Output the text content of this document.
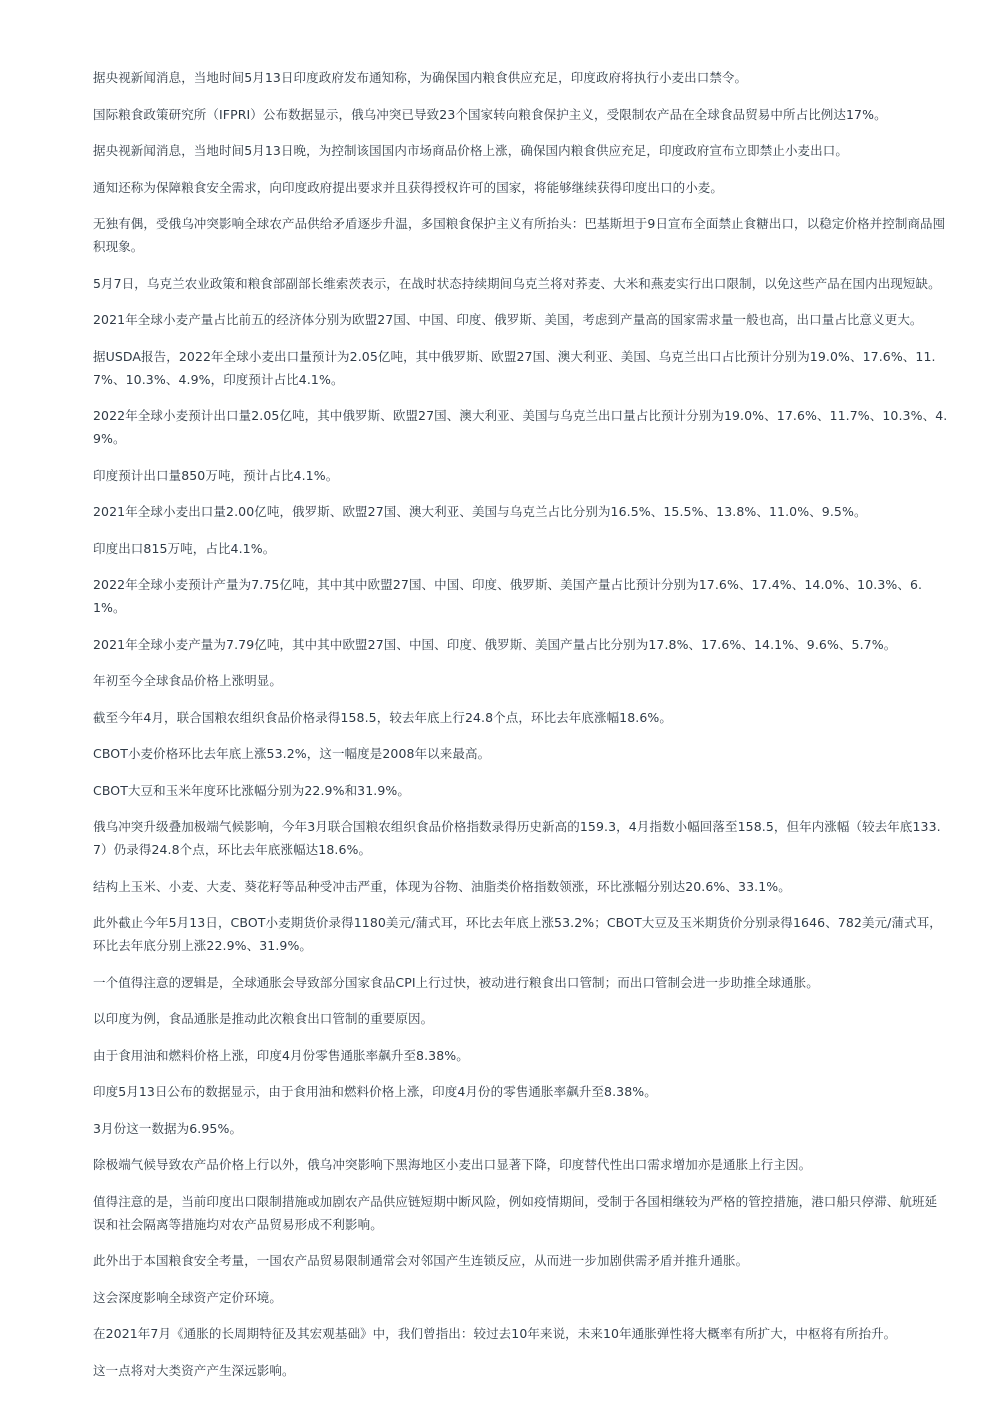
据央视新闻消息，当地时间5月13日印度政府发布通知称，为确保国内粮食供应充足，印度政府将执行小麦出口禁令。

国际粮食政策研究所（IFPRI）公布数据显示，俄乌冲突已导致23个国家转向粮食保护主义，受限制农产品在全球食品贸易中所占比例达17%。

据央视新闻消息，当地时间5月13日晚，为控制该国国内市场商品价格上涨，确保国内粮食供应充足，印度政府宣布立即禁止小麦出口。

通知还称为保障粮食安全需求，向印度政府提出要求并且获得授权许可的国家，将能够继续获得印度出口的小麦。

无独有偶，受俄乌冲突影响全球农产品供给矛盾逐步升温，多国粮食保护主义有所抬头：巴基斯坦于9日宣布全面禁止食糖出口，以稳定价格并控制商品囤积现象。

5月7日，乌克兰农业政策和粮食部副部长维索茨表示，在战时状态持续期间乌克兰将对荞麦、大米和燕麦实行出口限制，以免这些产品在国内出现短缺。

2021年全球小麦产量占比前五的经济体分别为欧盟27国、中国、印度、俄罗斯、美国，考虑到产量高的国家需求量一般也高，出口量占比意义更大。

据USDA报告，2022年全球小麦出口量预计为2.05亿吨，其中俄罗斯、欧盟27国、澳大利亚、美国、乌克兰出口占比预计分别为19.0%、17.6%、11.7%、10.3%、4.9%，印度预计占比4.1%。

2022年全球小麦预计出口量2.05亿吨，其中俄罗斯、欧盟27国、澳大利亚、美国与乌克兰出口量占比预计分别为19.0%、17.6%、11.7%、10.3%、4.9%。

印度预计出口量850万吨，预计占比4.1%。

2021年全球小麦出口量2.00亿吨，俄罗斯、欧盟27国、澳大利亚、美国与乌克兰占比分别为16.5%、15.5%、13.8%、11.0%、9.5%。

印度出口815万吨，占比4.1%。

2022年全球小麦预计产量为7.75亿吨，其中其中欧盟27国、中国、印度、俄罗斯、美国产量占比预计分别为17.6%、17.4%、14.0%、10.3%、6.1%。

2021年全球小麦产量为7.79亿吨，其中其中欧盟27国、中国、印度、俄罗斯、美国产量占比分别为17.8%、17.6%、14.1%、9.6%、5.7%。

年初至今全球食品价格上涨明显。

截至今年4月，联合国粮农组织食品价格录得158.5，较去年底上行24.8个点，环比去年底涨幅18.6%。

CBOT小麦价格环比去年底上涨53.2%，这一幅度是2008年以来最高。

CBOT大豆和玉米年度环比涨幅分别为22.9%和31.9%。

俄乌冲突升级叠加极端气候影响，今年3月联合国粮农组织食品价格指数录得历史新高的159.3，4月指数小幅回落至158.5，但年内涨幅（较去年底133.7）仍录得24.8个点，环比去年底涨幅达18.6%。

结构上玉米、小麦、大麦、葵花籽等品种受冲击严重，体现为谷物、油脂类价格指数领涨，环比涨幅分别达20.6%、33.1%。

此外截止今年5月13日，CBOT小麦期货价录得1180美元/蒲式耳，环比去年底上涨53.2%；CBOT大豆及玉米期货价分别录得1646、782美元/蒲式耳，环比去年底分别上涨22.9%、31.9%。

一个值得注意的逻辑是，全球通胀会导致部分国家食品CPI上行过快，被动进行粮食出口管制；而出口管制会进一步助推全球通胀。

以印度为例，食品通胀是推动此次粮食出口管制的重要原因。

由于食用油和燃料价格上涨，印度4月份零售通胀率飙升至8.38%。

印度5月13日公布的数据显示，由于食用油和燃料价格上涨，印度4月份的零售通胀率飙升至8.38%。

3月份这一数据为6.95%。

除极端气候导致农产品价格上行以外，俄乌冲突影响下黑海地区小麦出口显著下降，印度替代性出口需求增加亦是通胀上行主因。

值得注意的是，当前印度出口限制措施或加剧农产品供应链短期中断风险，例如疫情期间，受制于各国相继较为严格的管控措施，港口船只停滞、航班延误和社会隔离等措施均对农产品贸易形成不利影响。

此外出于本国粮食安全考量，一国农产品贸易限制通常会对邻国产生连锁反应，从而进一步加剧供需矛盾并推升通胀。

这会深度影响全球资产定价环境。

在2021年7月《通胀的长周期特征及其宏观基础》中，我们曾指出：较过去10年来说，未来10年通胀弹性将大概率有所扩大，中枢将有所抬升。

这一点将对大类资产产生深远影响。
